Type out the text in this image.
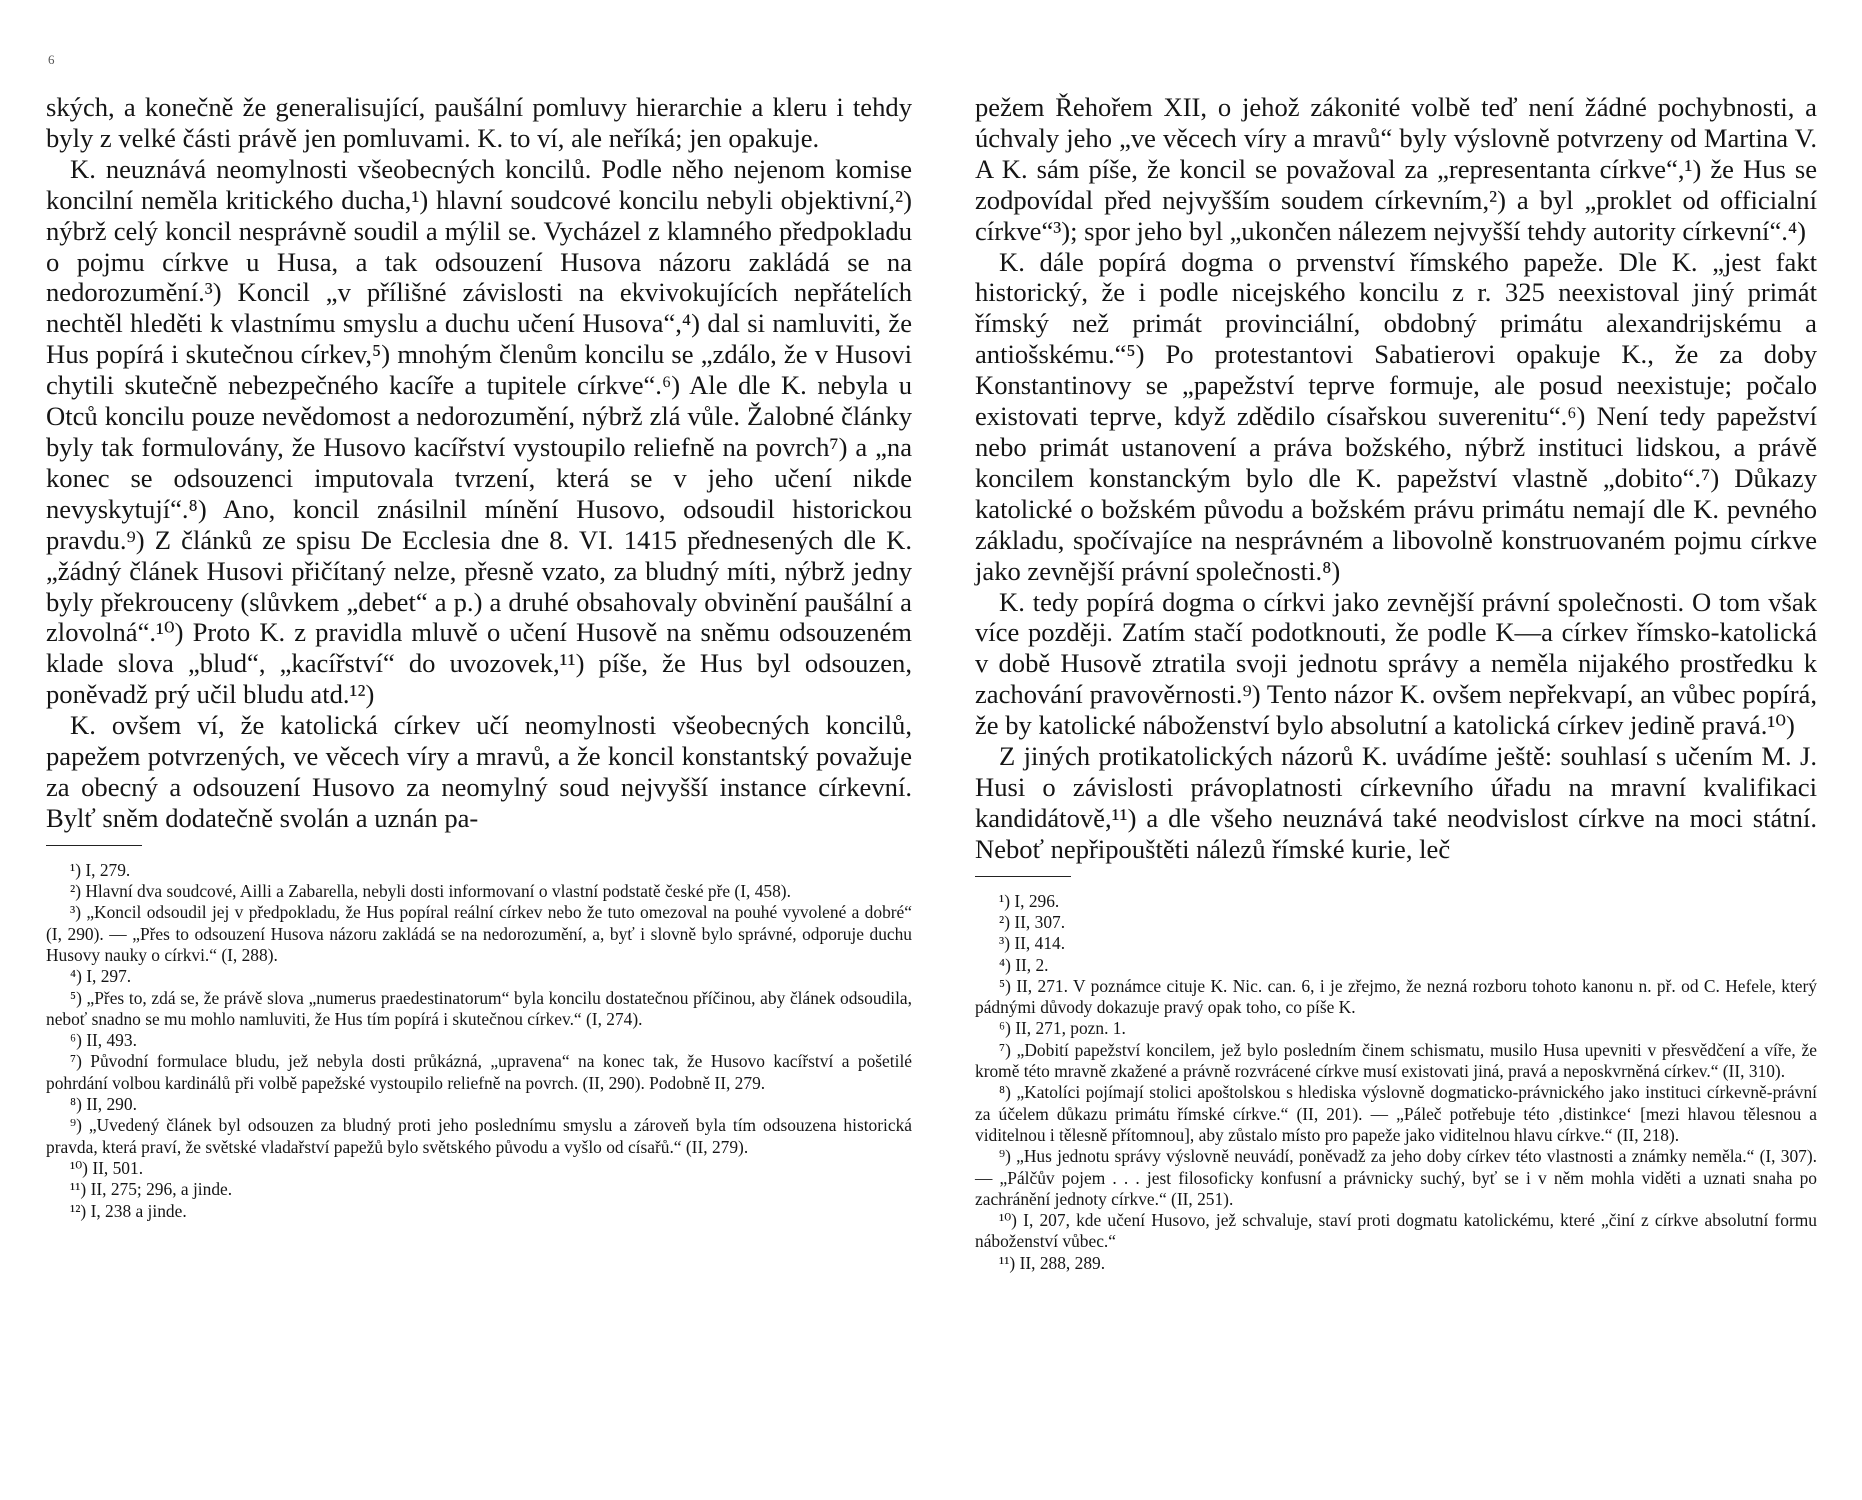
6

ských, a konečně že generalisující, paušální pomluvy hierarchie a kleru i tehdy byly z velké části právě jen pomluvami. K. to ví, ale neříká; jen opakuje.

K. neuznává neomylnosti všeobecných koncilů. Podle něho nejenom komise koncilní neměla kritického ducha,¹) hlavní soudcové koncilu nebyli objektivní,²) nýbrž celý koncil nesprávně soudil a mýlil se. Vycházel z klamného předpokladu o pojmu církve u Husa, a tak odsouzení Husova názoru zakládá se na nedorozumění.³) Koncil „v přílišné závislosti na ekvivokujících nepřátelích nechtěl hleděti k vlastnímu smyslu a duchu učení Husova“,⁴) dal si namluviti, že Hus popírá i skutečnou církev,⁵) mnohým členům koncilu se „zdálo, že v Husovi chytili skutečně nebezpečného kacíře a tupitele církve“.⁶) Ale dle K. nebyla u Otců koncilu pouze nevědomost a nedorozumění, nýbrž zlá vůle. Žalobné články byly tak formulovány, že Husovo kacířství vystoupilo reliefně na povrch⁷) a „na konec se odsouzenci imputovala tvrzení, která se v jeho učení nikde nevyskytují“.⁸) Ano, koncil znásilnil mínění Husovo, odsoudil historickou pravdu.⁹) Z článků ze spisu De Ecclesia dne 8. VI. 1415 přednesených dle K. „žádný článek Husovi přičítaný nelze, přesně vzato, za bludný míti, nýbrž jedny byly překrouceny (slůvkem „debet“ a p.) a druhé obsahovaly obvinění paušální a zlovolná“.¹⁰) Proto K. z pravidla mluvě o učení Husově na sněmu odsouzeném klade slova „blud“, „kacířství“ do uvozovek,¹¹) píše, že Hus byl odsouzen, poněvadž prý učil bludu atd.¹²)

K. ovšem ví, že katolická církev učí neomylnosti všeobecných koncilů, papežem potvrzených, ve věcech víry a mravů, a že koncil konstantský považuje za obecný a odsouzení Husovo za neomylný soud nejvyšší instance církevní. Bylť sněm dodatečně svolán a uznán pa-

¹) I, 279.

²) Hlavní dva soudcové, Ailli a Zabarella, nebyli dosti informovaní o vlastní podstatě české pře (I, 458).

³) „Koncil odsoudil jej v předpokladu, že Hus popíral reální církev nebo že tuto omezoval na pouhé vyvolené a dobré“ (I, 290). — „Přes to odsouzení Husova názoru zakládá se na nedorozumění, a, byť i slovně bylo správné, odporuje duchu Husovy nauky o církvi.“ (I, 288).

⁴) I, 297.

⁵) „Přes to, zdá se, že právě slova „numerus praedestinatorum“ byla koncilu dostatečnou příčinou, aby článek odsoudila, neboť snadno se mu mohlo namluviti, že Hus tím popírá i skutečnou církev.“ (I, 274).

⁶) II, 493.

⁷) Původní formulace bludu, jež nebyla dosti průkázná, „upravena“ na konec tak, že Husovo kacířství a pošetilé pohrdání volbou kardinálů při volbě papežské vystoupilo reliefně na povrch. (II, 290). Podobně II, 279.

⁸) II, 290.

⁹) „Uvedený článek byl odsouzen za bludný proti jeho poslednímu smyslu a zároveň byla tím odsouzena historická pravda, která praví, že světské vladařství papežů bylo světského původu a vyšlo od císařů.“ (II, 279).

¹⁰) II, 501.

¹¹) II, 275; 296, a jinde.

¹²) I, 238 a jinde.

pežem Řehořem XII, o jehož zákonité volbě teď není žádné pochybnosti, a úchvaly jeho „ve věcech víry a mravů“ byly výslovně potvrzeny od Martina V. A K. sám píše, že koncil se považoval za „representanta církve“,¹) že Hus se zodpovídal před nejvyšším soudem církevním,²) a byl „proklet od officialní církve“³); spor jeho byl „ukončen nálezem nejvyšší tehdy autority církevní“.⁴)

K. dále popírá dogma o prvenství římského papeže. Dle K. „jest fakt historický, že i podle nicejského koncilu z r. 325 neexistoval jiný primát římský než primát provinciální, obdobný primátu alexandrijskému a antiošskému.“⁵) Po protestantovi Sabatierovi opakuje K., že za doby Konstantinovy se „papežství teprve formuje, ale posud neexistuje; počalo existovati teprve, když zdědilo císařskou suverenitu“.⁶) Není tedy papežství nebo primát ustanovení a práva božského, nýbrž instituci lidskou, a právě koncilem konstanckým bylo dle K. papežství vlastně „dobito“.⁷) Důkazy katolické o božském původu a božském právu primátu nemají dle K. pevného základu, spočívajíce na nesprávném a libovolně konstruovaném pojmu církve jako zevnější právní společnosti.⁸)

K. tedy popírá dogma o církvi jako zevnější právní společnosti. O tom však více později. Zatím stačí podotknouti, že podle K—a církev římsko-katolická v době Husově ztratila svoji jednotu správy a neměla nijakého prostředku k zachování pravověrnosti.⁹) Tento názor K. ovšem nepřekvapí, an vůbec popírá, že by katolické náboženství bylo absolutní a katolická církev jedině pravá.¹⁰)

Z jiných protikatolických názorů K. uvádíme ještě: souhlasí s učením M. J. Husi o závislosti právoplatnosti církevního úřadu na mravní kvalifikaci kandidátově,¹¹) a dle všeho neuznává také neodvislost církve na moci státní. Neboť nepřipouštěti nálezů římské kurie, leč

¹) I, 296.

²) II, 307.

³) II, 414.

⁴) II, 2.

⁵) II, 271. V poznámce cituje K. Nic. can. 6, i je zřejmo, že nezná rozboru tohoto kanonu n. př. od C. Hefele, který pádnými důvody dokazuje pravý opak toho, co píše K.

⁶) II, 271, pozn. 1.

⁷) „Dobití papežství koncilem, jež bylo posledním činem schismatu, musilo Husa upevniti v přesvědčení a víře, že kromě této mravně zkažené a právně rozvrácené církve musí existovati jiná, pravá a neposkvrněná církev.“ (II, 310).

⁸) „Katolíci pojímají stolici apoštolskou s hlediska výslovně dogmaticko-právnického jako instituci církevně-právní za účelem důkazu primátu římské církve.“ (II, 201). — „Páleč potřebuje této ‚distinkce‘ [mezi hlavou tělesnou a viditelnou i tělesně přítomnou], aby zůstalo místo pro papeže jako viditelnou hlavu církve.“ (II, 218).

⁹) „Hus jednotu správy výslovně neuvádí, poněvadž za jeho doby církev této vlastnosti a známky neměla.“ (I, 307). — „Pálčův pojem . . . jest filosoficky konfusní a právnicky suchý, byť se i v něm mohla viděti a uznati snaha po zachránění jednoty církve.“ (II, 251).

¹⁰) I, 207, kde učení Husovo, jež schvaluje, staví proti dogmatu katolickému, které „činí z církve absolutní formu náboženství vůbec.“

¹¹) II, 288, 289.
